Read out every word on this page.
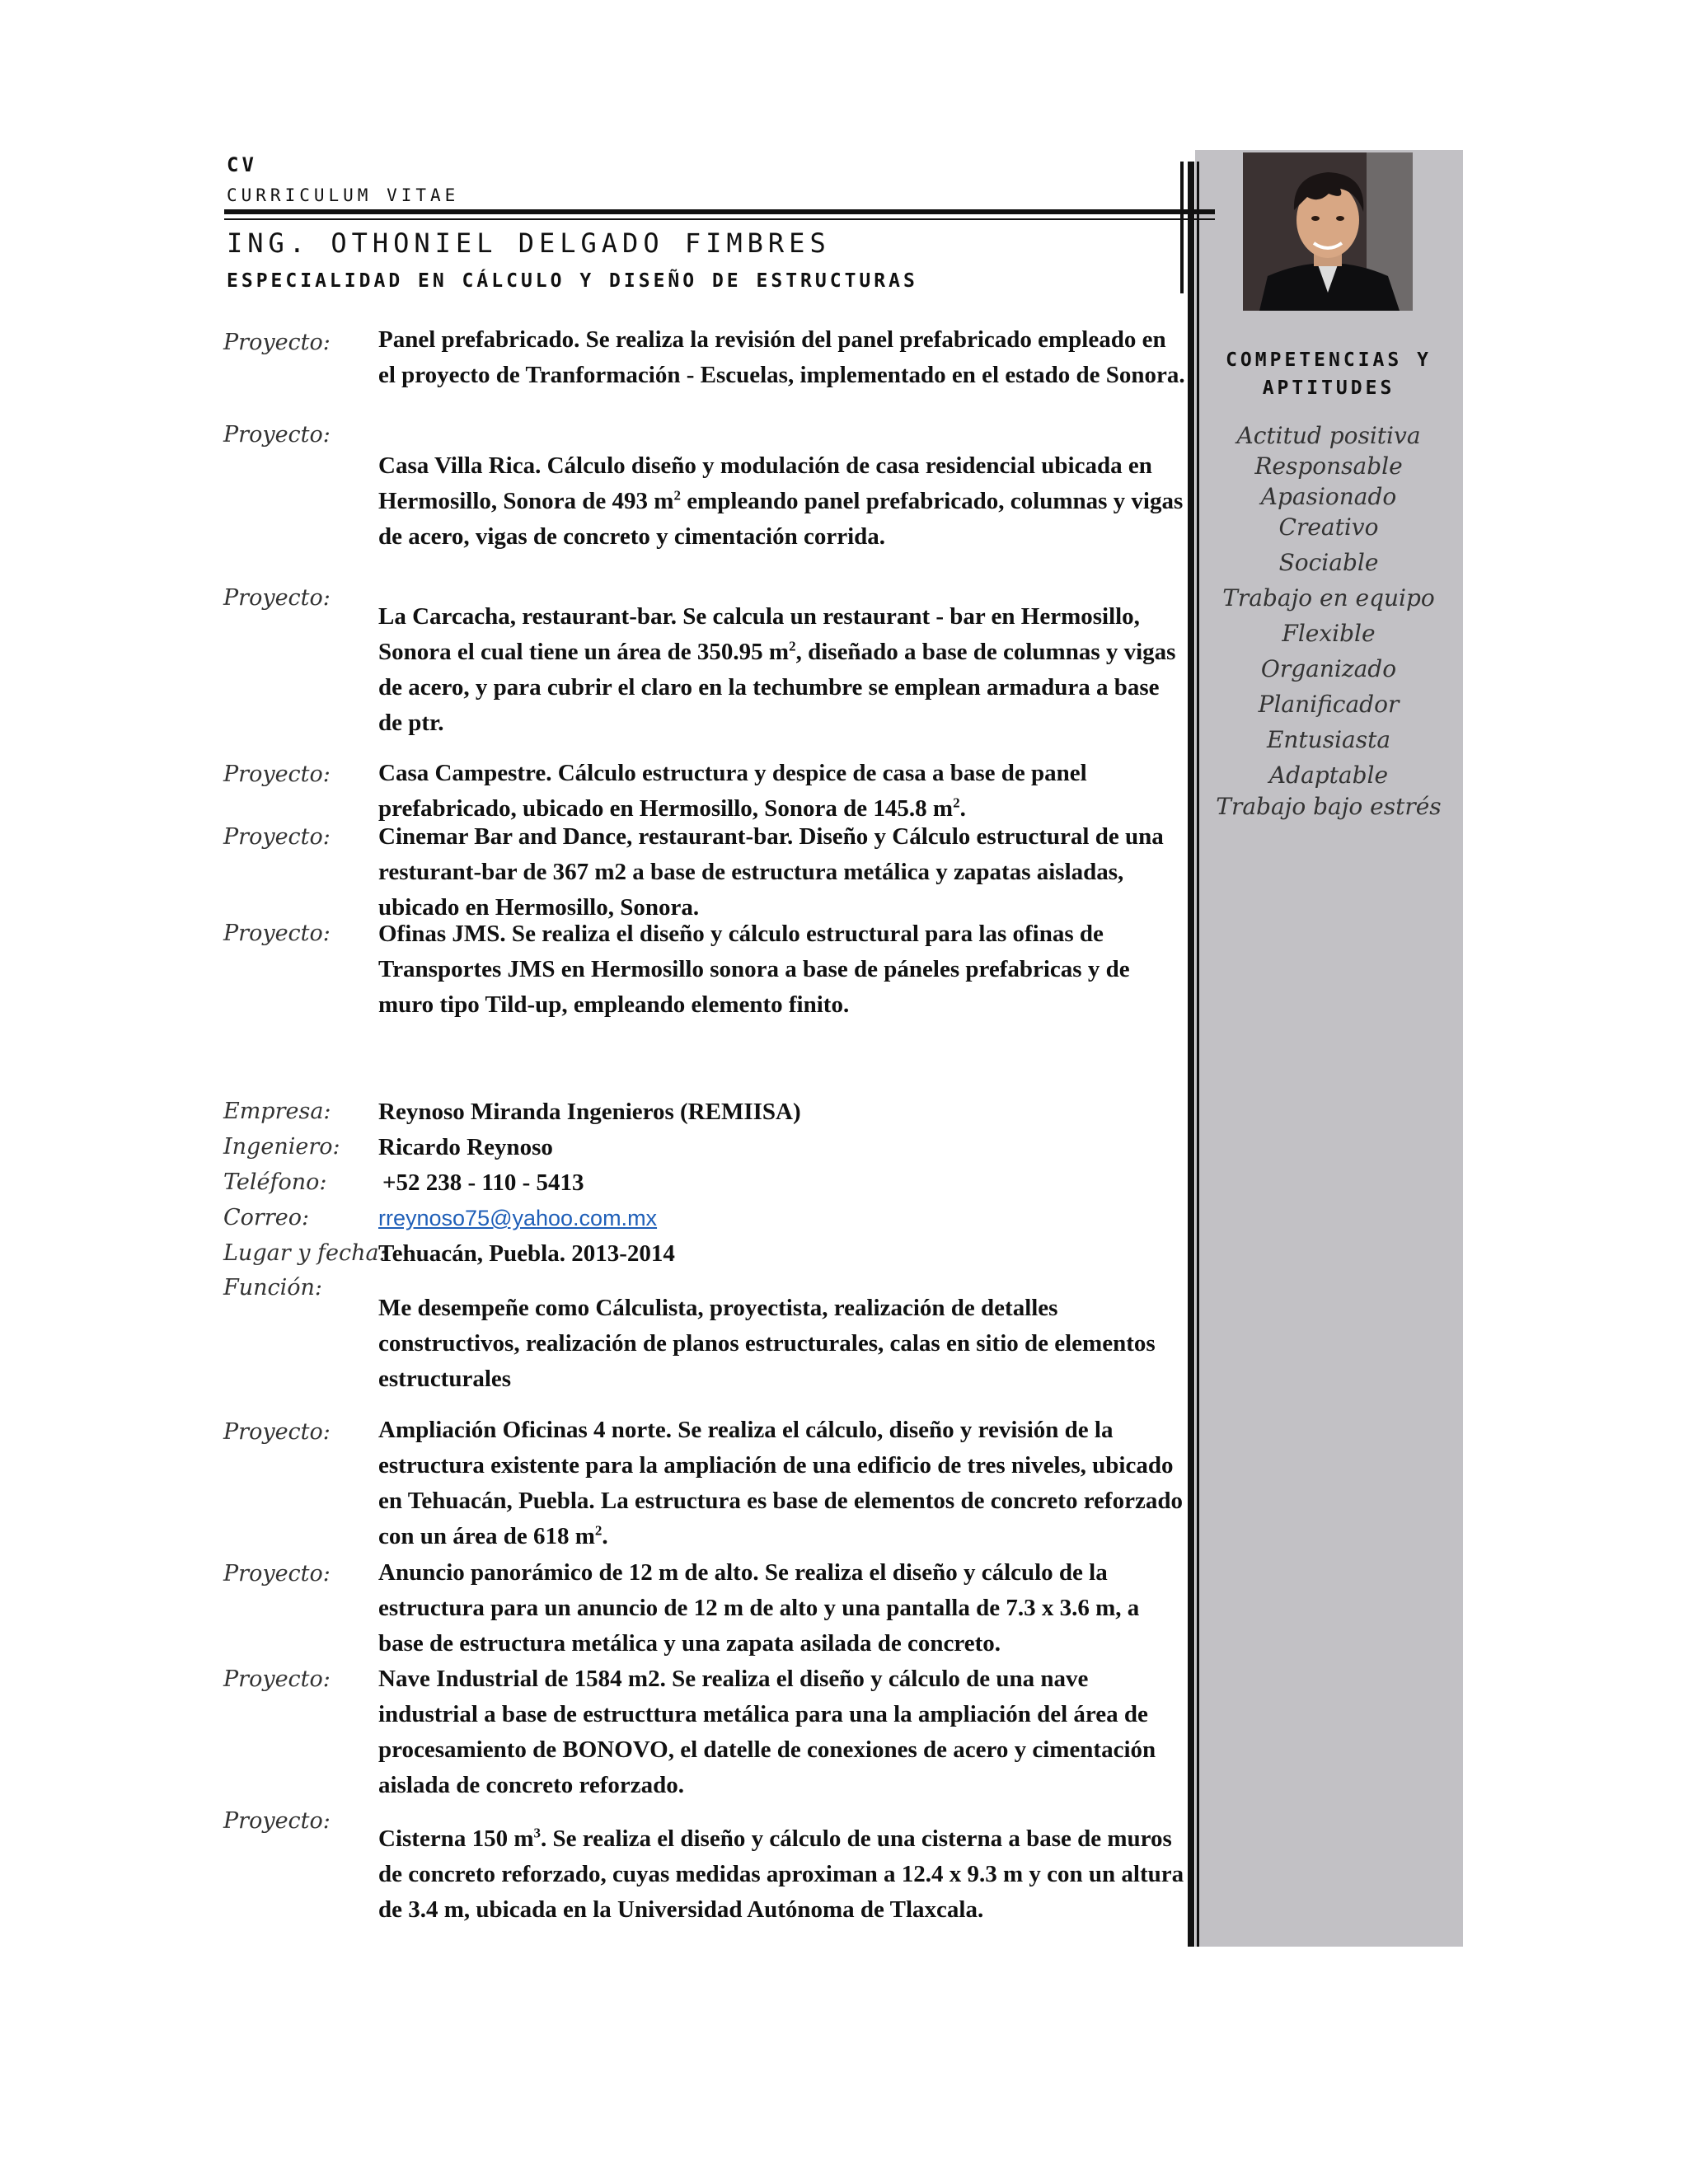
CV
CURRICULUM VITAE
ING. OTHONIEL DELGADO FIMBRES
ESPECIALIDAD EN CÁLCULO Y DISEÑO DE ESTRUCTURAS
COMPETENCIAS Y APTITUDES
Actitud positiva
Responsable
Apasionado
Creativo
Sociable
Trabajo en equipo
Flexible
Organizado
Planificador
Entusiasta
Adaptable
Trabajo bajo estrés
Proyecto: Panel prefabricado. Se realiza la revisión del panel prefabricado empleado en el proyecto de Tranformación - Escuelas, implementado en el estado de Sonora.
Proyecto:
Casa Villa Rica. Cálculo diseño y modulación de casa residencial ubicada en Hermosillo, Sonora de 493 $m^2$ empleando panel prefabricado, columnas y vigas de acero, vigas de concreto y cimentación corrida.
Proyecto:
La Carcacha, restaurant-bar. Se calcula un restaurant - bar en Hermosillo, Sonora el cual tiene un área de 350.95 $m^2$, diseñado a base de columnas y vigas de acero, y para cubrir el claro en la techumbre se emplean armadura a base de ptr.
Proyecto: Casa Campestre. Cálculo estructura y despice de casa a base de panel prefabricado, ubicado en Hermosillo, Sonora de 145.8 $m^2$.
Proyecto: Cinemar Bar and Dance, restaurant-bar. Diseño y Cálculo estructural de una resturant-bar de 367 m2 a base de estructura metálica y zapatas aisladas, ubicado en Hermosillo, Sonora.
Proyecto: Ofinas JMS. Se realiza el diseño y cálculo estructural para las ofinas de Transportes JMS en Hermosillo sonora a base de páneles prefabricas y de muro tipo Tild-up, empleando elemento finito.
Empresa: Reynoso Miranda Ingenieros (REMIISA)
Ingeniero: Ricardo Reynoso
Teléfono: +52 238 - 110 - 5413
Correo:	rreynoso75@yahoo.com.mx
Lugar y fecha:
Tehuacán, Puebla. 2013-2014
Función:
Me desempeñe como Cálculista, proyectista, realización de detalles constructivos, realización de planos estructurales, calas en sitio de elementos estructurales
Proyecto: Ampliación Oficinas 4 norte. Se realiza el cálculo, diseño y revisión de la estructura existente para la ampliación de una edificio de tres niveles, ubicado en Tehuacán, Puebla. La estructura es base de elementos de concreto reforzado con un área de 618 $m^2$.
Proyecto: Anuncio panorámico de 12 m de alto. Se realiza el diseño y cálculo de la estructura para un anuncio de 12 m de alto y una pantalla de 7.3 x 3.6 m, a base de estructura metálica y una zapata asilada de concreto.
Proyecto: Nave Industrial de 1584 m2. Se realiza el diseño y cálculo de una nave industrial a base de estructtura metálica para una la ampliación del área de procesamiento de BONOVO, el datelle de conexiones de acero y cimentación aislada de concreto reforzado.
Proyecto:
Cisterna 150 $m^3$. Se realiza el diseño y cálculo de una cisterna a base de muros de concreto reforzado, cuyas medidas aproximan a 12.4 x 9.3 m y con un altura de 3.4 m, ubicada en la Universidad Autónoma de Tlaxcala.
